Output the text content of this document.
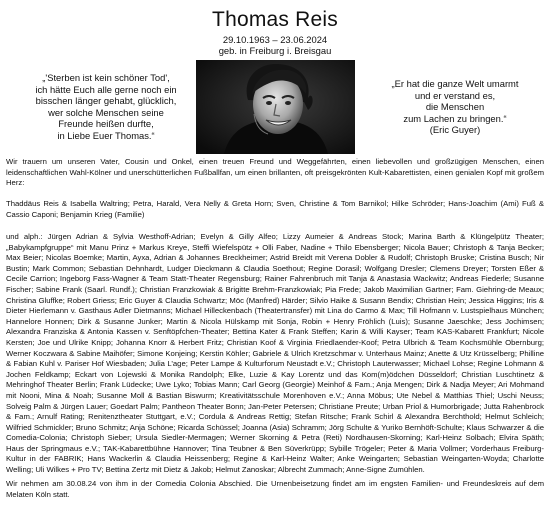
Thomas Reis
29.10.1963 – 23.06.2024
geb. in Freiburg i. Breisgau
„'Sterben ist kein schöner Tod',
ich hätte Euch alle gerne noch ein
bisschen länger gehabt, glücklich,
wer solche Menschen seine
Freunde heißen durfte,
in Liebe Euer Thomas.“
„Er hat die ganze Welt umarmt
und er verstand es,
die Menschen
zum Lachen zu bringen.“
(Eric Guyer)
Wir trauern um unseren Vater, Cousin und Onkel, einen treuen Freund und Weggefährten, einen liebevollen und großzügigen Menschen, einen leidenschaftlichen Wahl-Kölner und unerschütterlichen Fußballfan, um einen brillanten, oft preisgekrönten Kult-Kabarettisten, einen genialen Kopf mit großem Herz:
Thaddäus Reis & Isabella Waltring; Petra, Harald, Vera Nelly & Greta Horn; Sven, Christine & Tom Barnikol; Hilke Schröder; Hans-Joachim (Ami) Fuß & Cassio Caponi; Benjamin Krieg (Familie)
und alph.: Jürgen Adrian & Sylvia Westhoff-Adrian; Evelyn & Gilly Alfeo; Lizzy Aumeier & Andreas Stock; Marina Barth & Klüngelpütz Theater; „Babykampfgruppe“ mit Manu Prinz + Markus Kreye, Steffi Wiefelspütz + Olli Faber, Nadine + Thilo Ebensberger; Nicola Bauer; Christoph & Tanja Becker; Max Beier; Nicolas Boemke; Martin, Ayxa, Adrian & Johannes Breckheimer; Astrid Breidt mit Verena Dobler & Rudolf; Christoph Bruske; Cristina Busch; Nir Bustin; Mark Common; Sebastian Dehnhardt, Ludger Dieckmann & Claudia Soethout; Regine Dorasil; Wolfgang Dresler; Clemens Dreyer; Torsten Eßer & Cecile Carrion; Ingeborg Fass-Wagner & Team Statt-Theater Regensburg; Rainer Fahrenbruch mit Tanja & Anastasia Wackwitz; Andreas Fiederle; Susanne Fischer; Sabine Frank (Saarl. Rundf.); Christian Franzkowiak & Brigitte Brehm-Franzkowiak; Pia Frede; Jakob Maximilian Gartner; Fam. Giehring-de Meaux; Christina Gluffke; Robert Griess; Eric Guyer & Claudia Schwartz; Möc (Manfred) Härder; Silvio Haike & Susann Bendix; Christian Hein; Jessica Higgins; Iris & Dieter Hierlemann v. Gasthaus Adler Dietmanns; Michael Hilleckenbach (Theatertransfer) mit Lina do Carmo & Max; Till Hofmann v. Lustspielhaus München; Hannelore Honnen; Dirk & Susanne Junker; Martin & Nicola Hülskamp mit Sonja, Robin + Henry Fröhlich (Luis); Susanne Jaeschke; Jess Jochimsen; Alexandra Franziska & Antonia Kassen v. Senftöpfchen-Theater; Bettina Kater & Frank Steffen; Karin & Willi Kayser; Team KAS-Kabarett Frankfurt; Nicole Kersten; Joe und Ulrike Knipp; Johanna Knorr & Herbert Fritz; Christian Koof & Virginia Friedlaender-Koof; Petra Ulbrich & Team Kochsmühle Obernburg; Werner Koczwara & Sabine Maihöfer; Simone Konjeing; Kerstin Köhler; Gabriele & Ulrich Kretzschmar v. Unterhaus Mainz; Anette & Utz Krüsselberg; Philline & Fabian Kuhl v. Pariser Hof Wiesbaden; Julia L’age; Peter Lampe & Kulturforum Neustadt e.V.; Christoph Lauterwasser; Michael Lohse; Regine Lohmann & Jochen Feldkamp; Eckart von Lojewski & Monika Randolph; Elke, Luzie & Kay Lorentz und das Kom(m)ödchen Düsseldorf; Christian Luschtinetz & Mehringhof Theater Berlin; Frank Lüdecke; Uwe Lyko; Tobias Mann; Carl Georg (Georgie) Meinhof & Fam.; Anja Mengen; Dirk & Nadja Meyer; Ari Mohmand mit Nooni, Mina & Noah; Susanne Moll & Bastian Biswurm; Kreativitätsschule Morenhoven e.V.; Anna Möbus; Ute Nebel & Matthias Thiel; Uschi Neuss; Solveig Palm & Jürgen Lauer; Goedart Palm; Pantheon Theater Bonn; Jan-Peter Petersen; Christiane Preute; Urban Priol & Humorbrigade; Jutta Rahenbrock & Fam.; Arnulf Rating; Renitenztheater Stuttgart, e.V.; Cordula & Andreas Rettig; Stefan Ritsche; Frank Schirl & Alexandra Berchthold; Helmut Schleich; Wilfried Schmickler; Bruno Schmitz; Anja Schöne; Ricarda Schüssel; Joanna (Asia) Schramm; Jörg Schulte & Yuriko Bernhöft-Schulte; Klaus Schwarzer & die Comedia-Colonia; Christoph Sieber; Ursula Siedler-Mermagen; Werner Skorning & Petra (Reti) Nordhausen-Skorning; Karl-Heinz Solbach; Elvira Späth; Haus der Springmaus e.V.; TAK-Kabarettbühne Hannover; Tina Teubner & Ben Süverkrüpp; Sybille Trögeler; Peter & Maria Vollmer; Vorderhaus Freiburg-Kultur in der FABRIK; Hans Wackerlin & Claudia Heissenberg; Regine & Karl-Heinz Walter; Anke Weingarten; Sebastian Weingarten-Woyda; Charlotte Welling; Uli Wilkes + Pro TV; Bettina Zertz mit Dietz & Jakob; Helmut Zanoskar; Albrecht Zummach; Anne-Signe Zumühlen.
Wir nehmen am 30.08.24 von ihm in der Comedia Colonia Abschied. Die Urnenbeisetzung findet am im engsten Familien- und Freundeskreis auf dem Melaten Köln statt.
